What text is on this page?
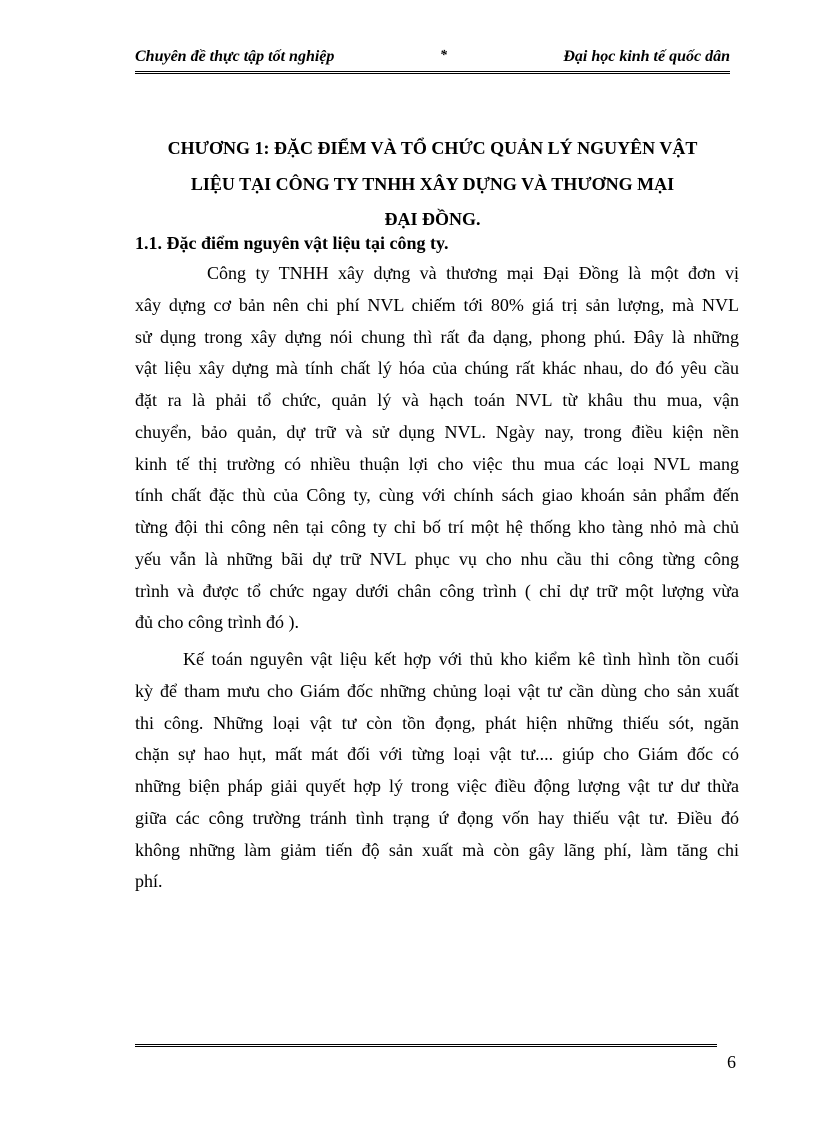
Chuyên đề thực tập tốt nghiệp	*	Đại học kinh tế quốc dân
CHƯƠNG 1: ĐẶC ĐIỂM VÀ TỔ CHỨC QUẢN LÝ NGUYÊN VẬT
LIỆU TẠI CÔNG TY TNHH XÂY DỰNG VÀ THƯƠNG MẠI
ĐẠI ĐỒNG.
1.1. Đặc điểm nguyên vật liệu tại công ty.
Công ty TNHH xây dựng và thương mại Đại Đồng là một đơn vị
xây dựng cơ bản nên chi phí NVL chiếm tới 80% giá trị sản lượng, mà NVL
sử dụng trong xây dựng nói chung thì rất đa dạng, phong phú. Đây là những
vật liệu xây dựng mà tính chất lý hóa của chúng rất khác nhau, do đó yêu cầu
đặt ra là phải tổ chức, quản lý và hạch toán NVL từ khâu thu mua, vận
chuyển, bảo quản, dự trữ và sử dụng NVL. Ngày nay, trong điều kiện nền
kinh tế thị trường có nhiều thuận lợi cho việc thu mua các loại NVL mang
tính chất đặc thù của Công ty, cùng với chính sách giao khoán sản phẩm đến
từng đội thi công nên tại công ty chỉ bố trí một hệ thống kho tàng nhỏ mà chủ
yếu vẫn là những bãi dự trữ NVL phục vụ cho nhu cầu thi công từng công
trình và được tổ chức ngay dưới chân công trình ( chỉ dự trữ một lượng vừa
đủ cho công trình đó ).
Kế toán nguyên vật liệu kết hợp với thủ kho kiểm kê tình hình tồn cuối
kỳ để tham mưu cho Giám đốc những chủng loại vật tư cần dùng cho sản xuất
thi công. Những loại vật tư còn tồn đọng, phát hiện những thiếu sót, ngăn
chặn sự hao hụt, mất mát đối với từng loại vật tư.... giúp cho Giám đốc có
những biện pháp giải quyết hợp lý trong việc điều động lượng vật tư dư thừa
giữa các công trường tránh tình trạng ứ đọng vốn hay thiếu vật tư. Điều đó
không những làm giảm tiến độ sản xuất mà còn gây lãng phí, làm tăng chi
phí.
6
